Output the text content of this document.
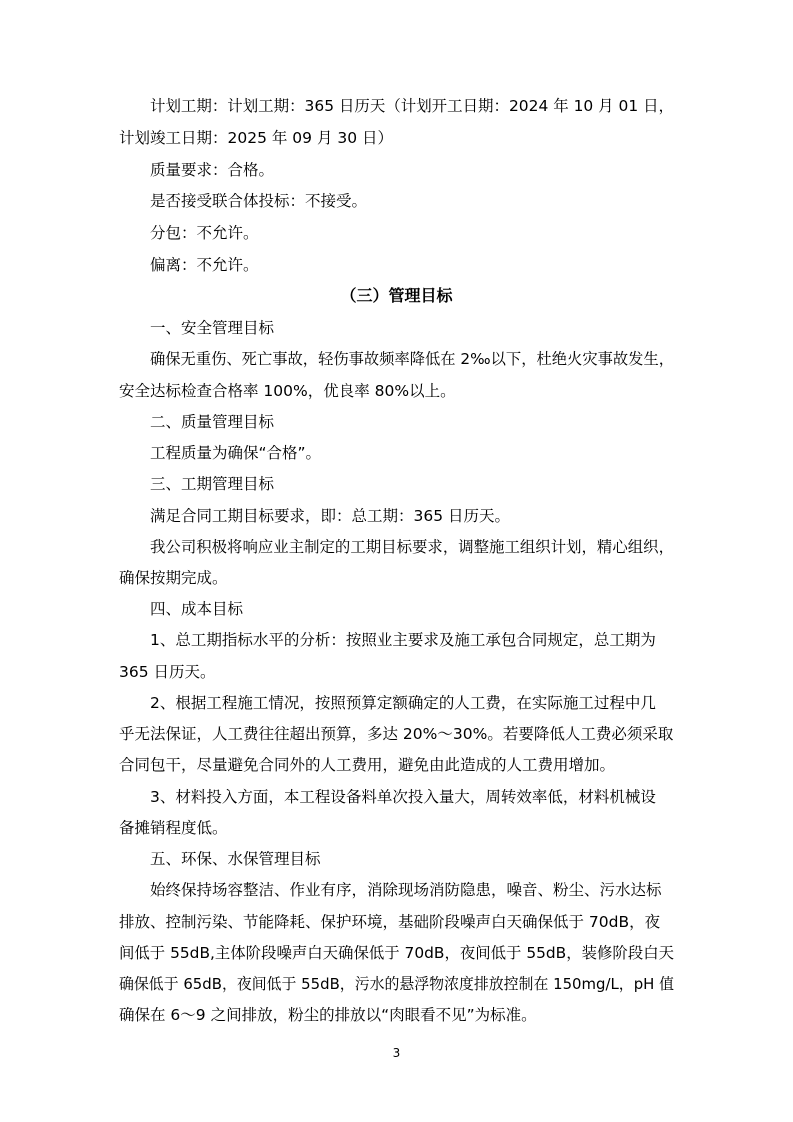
计划工期：计划工期：365 日历天（计划开工日期：2024 年 10 月 01 日，

计划竣工日期：2025 年 09 月 30 日）

质量要求：合格。

是否接受联合体投标：不接受。

分包：不允许。

偏离：不允许。

（三）管理目标

一、安全管理目标

确保无重伤、死亡事故，轻伤事故频率降低在 2‰以下，杜绝火灾事故发生，

安全达标检查合格率 100%，优良率 80%以上。

二、质量管理目标

工程质量为确保“合格”。

三、工期管理目标

满足合同工期目标要求，即：总工期：365 日历天。

我公司积极将响应业主制定的工期目标要求，调整施工组织计划，精心组织，

确保按期完成。

四、成本目标

1、总工期指标水平的分析：按照业主要求及施工承包合同规定，总工期为

365 日历天。

2、根据工程施工情况，按照预算定额确定的人工费，在实际施工过程中几

乎无法保证，人工费往往超出预算，多达 20%～30%。若要降低人工费必须采取

合同包干，尽量避免合同外的人工费用，避免由此造成的人工费用增加。

3、材料投入方面，本工程设备料单次投入量大，周转效率低，材料机械设

备摊销程度低。

五、环保、水保管理目标

始终保持场容整洁、作业有序，消除现场消防隐患，噪音、粉尘、污水达标

排放、控制污染、节能降耗、保护环境，基础阶段噪声白天确保低于 70dB，夜

间低于 55dB,主体阶段噪声白天确保低于 70dB，夜间低于 55dB，装修阶段白天

确保低于 65dB，夜间低于 55dB，污水的悬浮物浓度排放控制在 150mg/L，pH 值

确保在 6～9 之间排放，粉尘的排放以“肉眼看不见”为标准。

3
